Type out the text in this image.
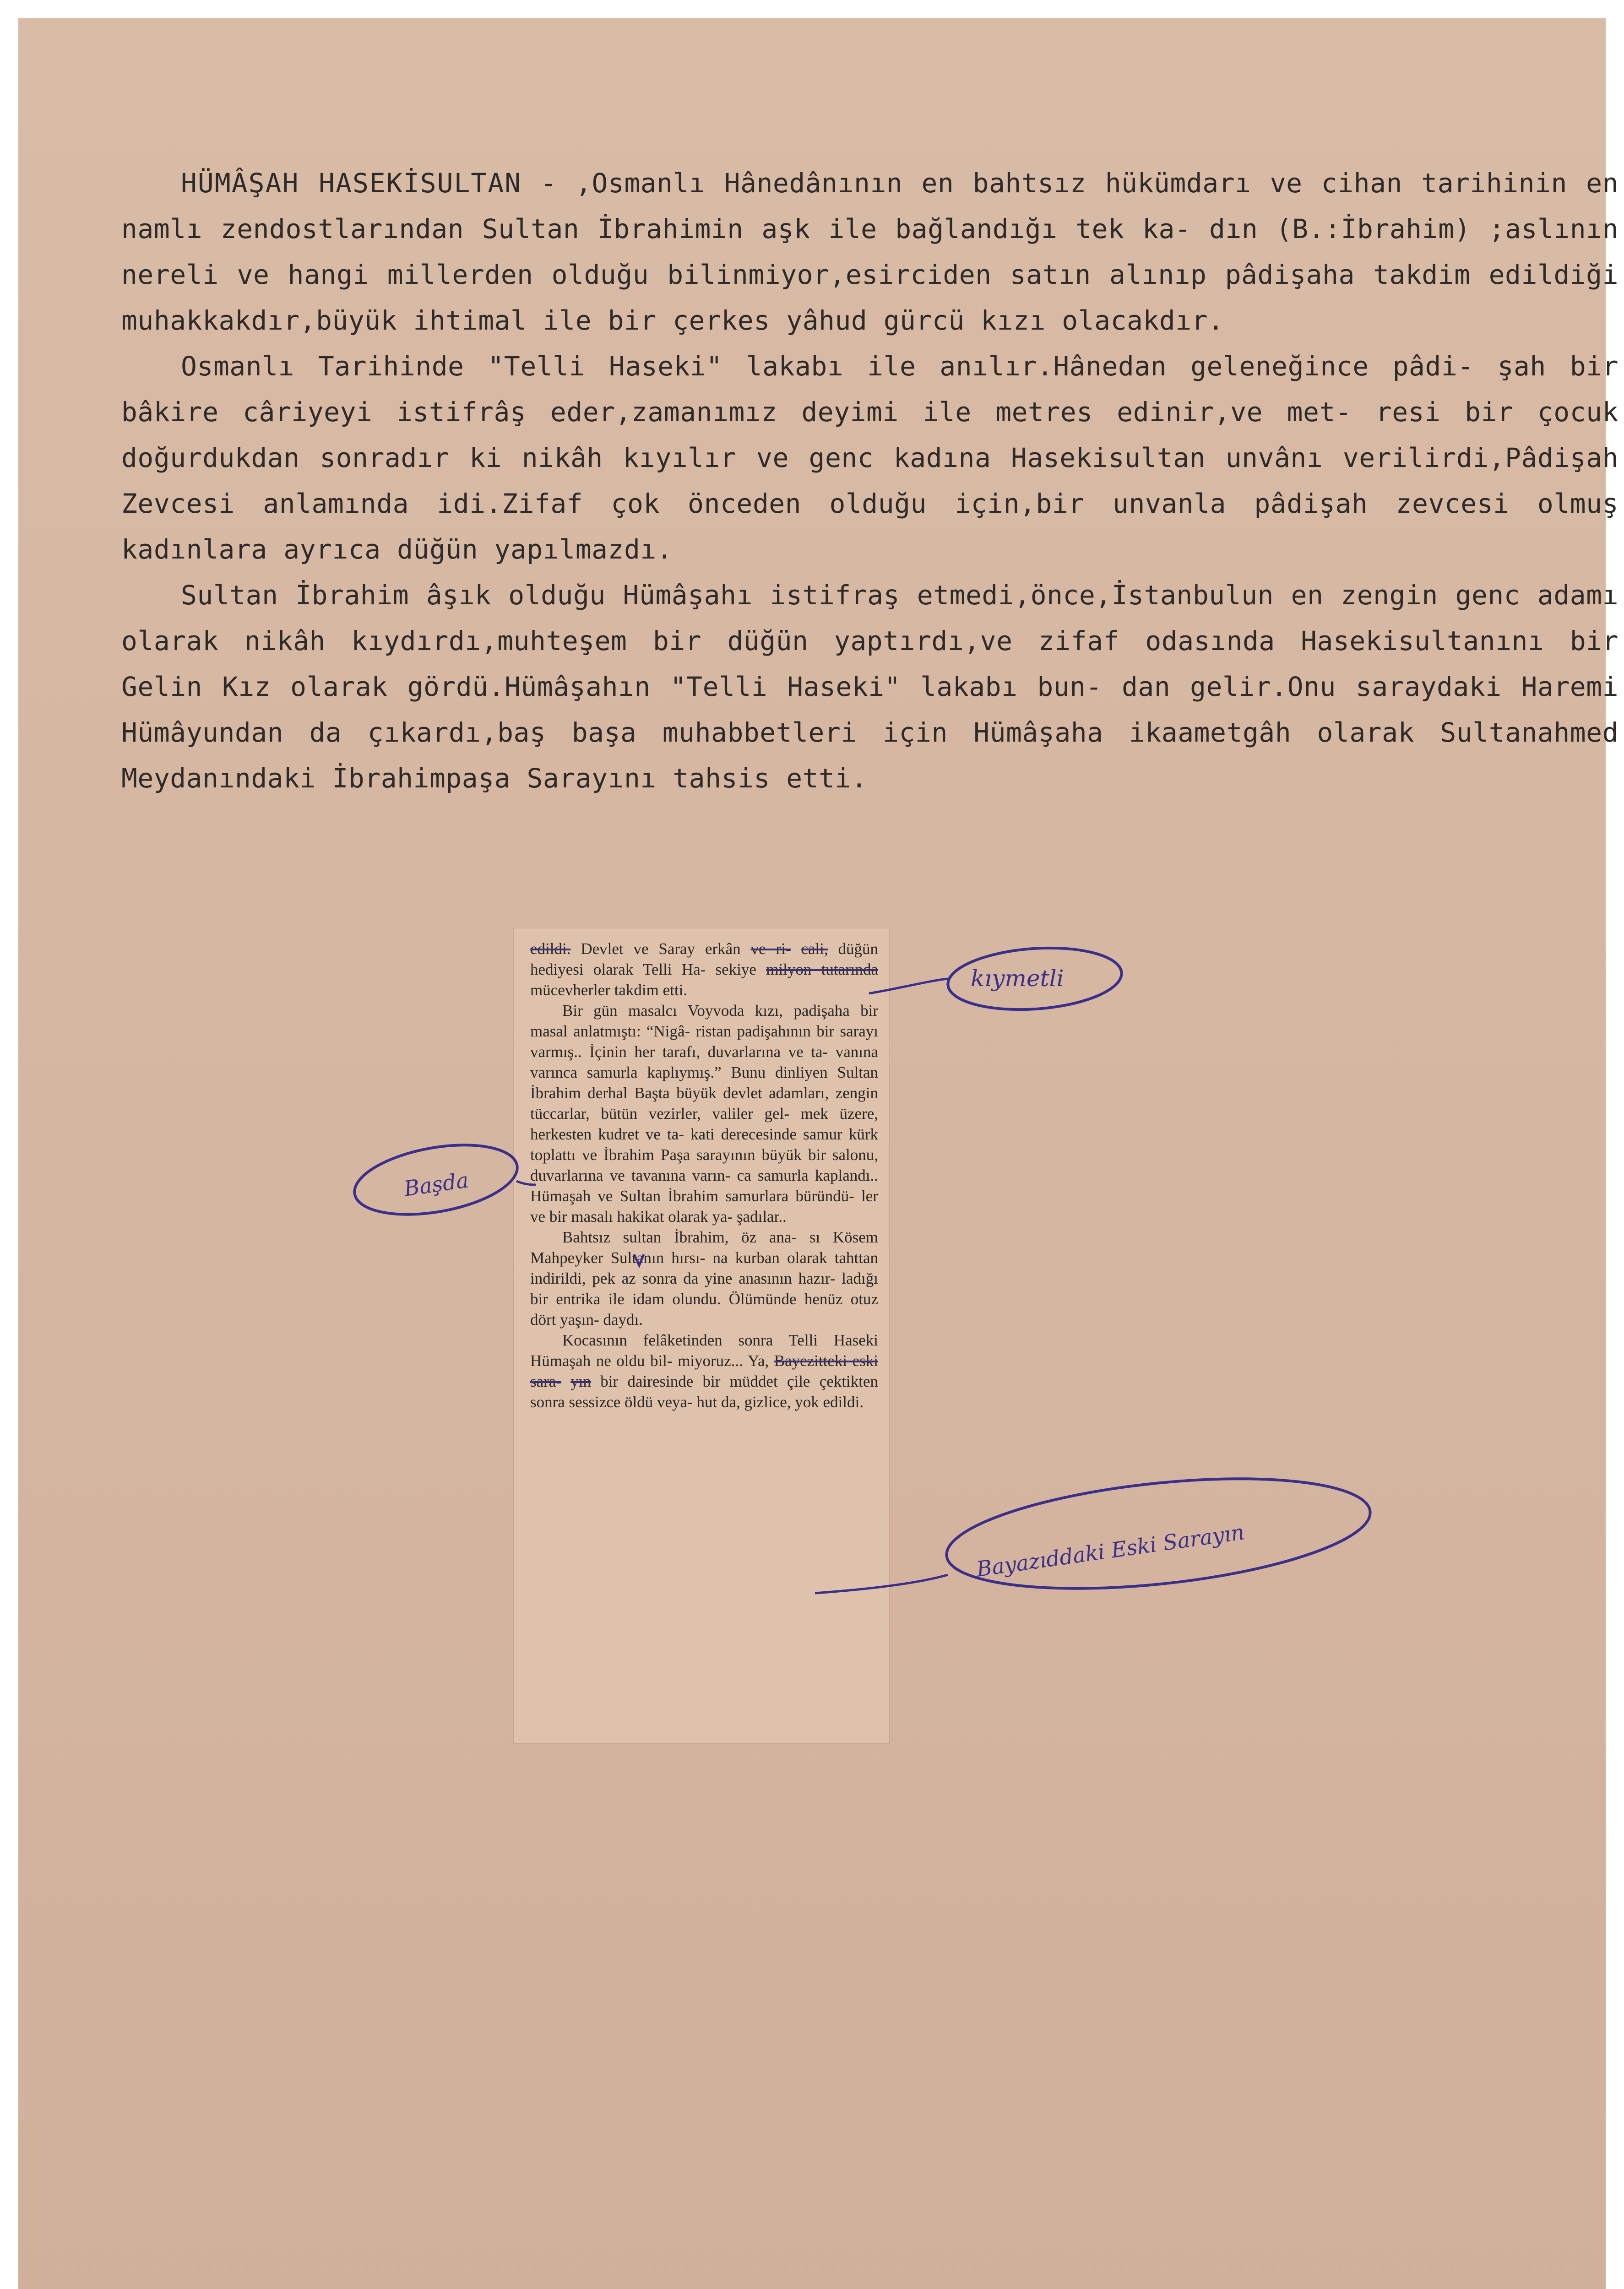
HÜMÂŞAH HASEKİSULTAN - ,Osmanlı Hânedânının en bahtsız hükümdarı ve cihan tarihinin en namlı zendostlarından Sultan İbrahimin aşk ile bağlandığı tek ka- dın (B.:İbrahim) ;aslının nereli ve hangi millerden olduğu bilinmiyor,esirciden satın alınıp pâdişaha takdim edildiği muhakkakdır,büyük ihtimal ile bir çerkes yâhud gürcü kızı olacakdır.

Osmanlı Tarihinde "Telli Haseki" lakabı ile anılır.Hânedan geleneğince pâdi- şah bir bâkire câriyeyi istifrâş eder,zamanımız deyimi ile metres edinir,ve met- resi bir çocuk doğurdukdan sonradır ki nikâh kıyılır ve genc kadına Hasekisultan unvânı verilirdi,Pâdişah Zevcesi anlamında idi.Zifaf çok önceden olduğu için,bir unvanla pâdişah zevcesi olmuş kadınlara ayrıca düğün yapılmazdı.

Sultan İbrahim âşık olduğu Hümâşahı istifraş etmedi,önce,İstanbulun en zengin genc adamı olarak nikâh kıydırdı,muhteşem bir düğün yaptırdı,ve zifaf odasında Hasekisultanını bir Gelin Kız olarak gördü.Hümâşahın "Telli Haseki" lakabı bun- dan gelir.Onu saraydaki Haremi Hümâyundan da çıkardı,baş başa muhabbetleri için Hümâşaha ikaametgâh olarak Sultanahmed Meydanındaki İbrahimpaşa Sarayını tahsis etti.

edildi. Devlet ve Saray erkân ve ri- cali, düğün hediyesi olarak Telli Ha- sekiye milyon tutarında mücevherler takdim etti.

Bir gün masalcı Voyvoda kızı, padişaha bir masal anlatmıştı: “Nigâ- ristan padişahının bir sarayı varmış.. İçinin her tarafı, duvarlarına ve ta- vanına varınca samurla kaplıymış.” Bunu dinliyen Sultan İbrahim derhal Başta büyük devlet adamları, zengin tüccarlar, bütün vezirler, valiler gel- mek üzere, herkesten kudret ve ta- kati derecesinde samur kürk toplattı ve İbrahim Paşa sarayının büyük bir salonu, duvarlarına ve tavanına varın- ca samurla kaplandı.. Hümaşah ve Sultan İbrahim samurlara büründü- ler ve bir masalı hakikat olarak ya- şadılar..

Bahtsız sultan İbrahim, öz ana- sı Kösem Mahpeyker Sultanın hırsı- na kurban olarak tahttan indirildi, pek az sonra da yine anasının hazır- ladığı bir entrika ile idam olundu. Ölümünde henüz otuz dört yaşın- daydı.

Kocasının felâketinden sonra Telli Haseki Hümaşah ne oldu bil- miyoruz... Ya, Bayezitteki eski sara- yın bir dairesinde bir müddet çile çektikten sonra sessizce öldü veya- hut da, gizlice, yok edildi.

kıymetli
Başda
Bayazıddaki Eski Sarayın
